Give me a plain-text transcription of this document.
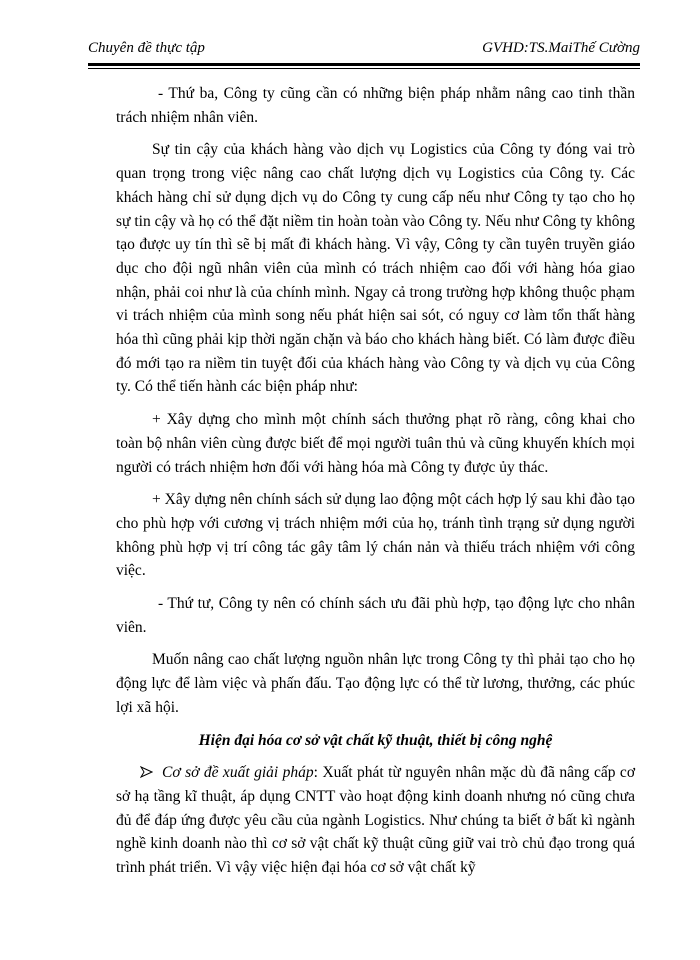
Chuyên đề thực tập	GVHD:TS.MaiThế Cường

- Thứ ba, Công ty cũng cần có những biện pháp nhằm nâng cao tinh thần trách nhiệm nhân viên.

Sự tin cậy của khách hàng vào dịch vụ Logistics của Công ty đóng vai trò quan trọng trong việc nâng cao chất lượng dịch vụ Logistics của Công ty. Các khách hàng chỉ sử dụng dịch vụ do Công ty cung cấp nếu như Công ty tạo cho họ sự tin cậy và họ có thể đặt niềm tin hoàn toàn vào Công ty. Nếu như Công ty không tạo được uy tín thì sẽ bị mất đi khách hàng. Vì vậy, Công ty cần tuyên truyền giáo dục cho đội ngũ nhân viên của mình có trách nhiệm cao đối với hàng hóa giao nhận, phải coi như là của chính mình. Ngay cả trong trường hợp không thuộc phạm vi trách nhiệm của mình song nếu phát hiện sai sót, có nguy cơ làm tổn thất hàng hóa thì cũng phải kịp thời ngăn chặn và báo cho khách hàng biết. Có làm được điều đó mới tạo ra niềm tin tuyệt đối của khách hàng vào Công ty và dịch vụ của Công ty. Có thể tiến hành các biện pháp như:

+ Xây dựng cho mình một chính sách thưởng phạt rõ ràng, công khai cho toàn bộ nhân viên cùng được biết để mọi người tuân thủ và cũng khuyến khích mọi người có trách nhiệm hơn đối với hàng hóa mà Công ty được ủy thác.

+ Xây dựng nên chính sách sử dụng lao động một cách hợp lý sau khi đào tạo cho phù hợp với cương vị trách nhiệm mới của họ, tránh tình trạng sử dụng người không phù hợp vị trí công tác gây tâm lý chán nản và thiếu trách nhiệm với công việc.

- Thứ tư, Công ty nên có chính sách ưu đãi phù hợp, tạo động lực cho nhân viên.

Muốn nâng cao chất lượng nguồn nhân lực trong Công ty thì phải tạo cho họ động lực để làm việc và phấn đấu. Tạo động lực có thể từ lương, thưởng, các phúc lợi xã hội.

Hiện đại hóa cơ sở vật chất kỹ thuật, thiết bị công nghệ

Cơ sở đề xuất giải pháp: Xuất phát từ nguyên nhân mặc dù đã nâng cấp cơ sở hạ tầng kĩ thuật, áp dụng CNTT vào hoạt động kinh doanh nhưng nó cũng chưa đủ để đáp ứng được yêu cầu của ngành Logistics. Như chúng ta biết ở bất kì ngành nghề kinh doanh nào thì cơ sở vật chất kỹ thuật cũng giữ vai trò chủ đạo trong quá trình phát triển. Vì vậy việc hiện đại hóa cơ sở vật chất kỹ
